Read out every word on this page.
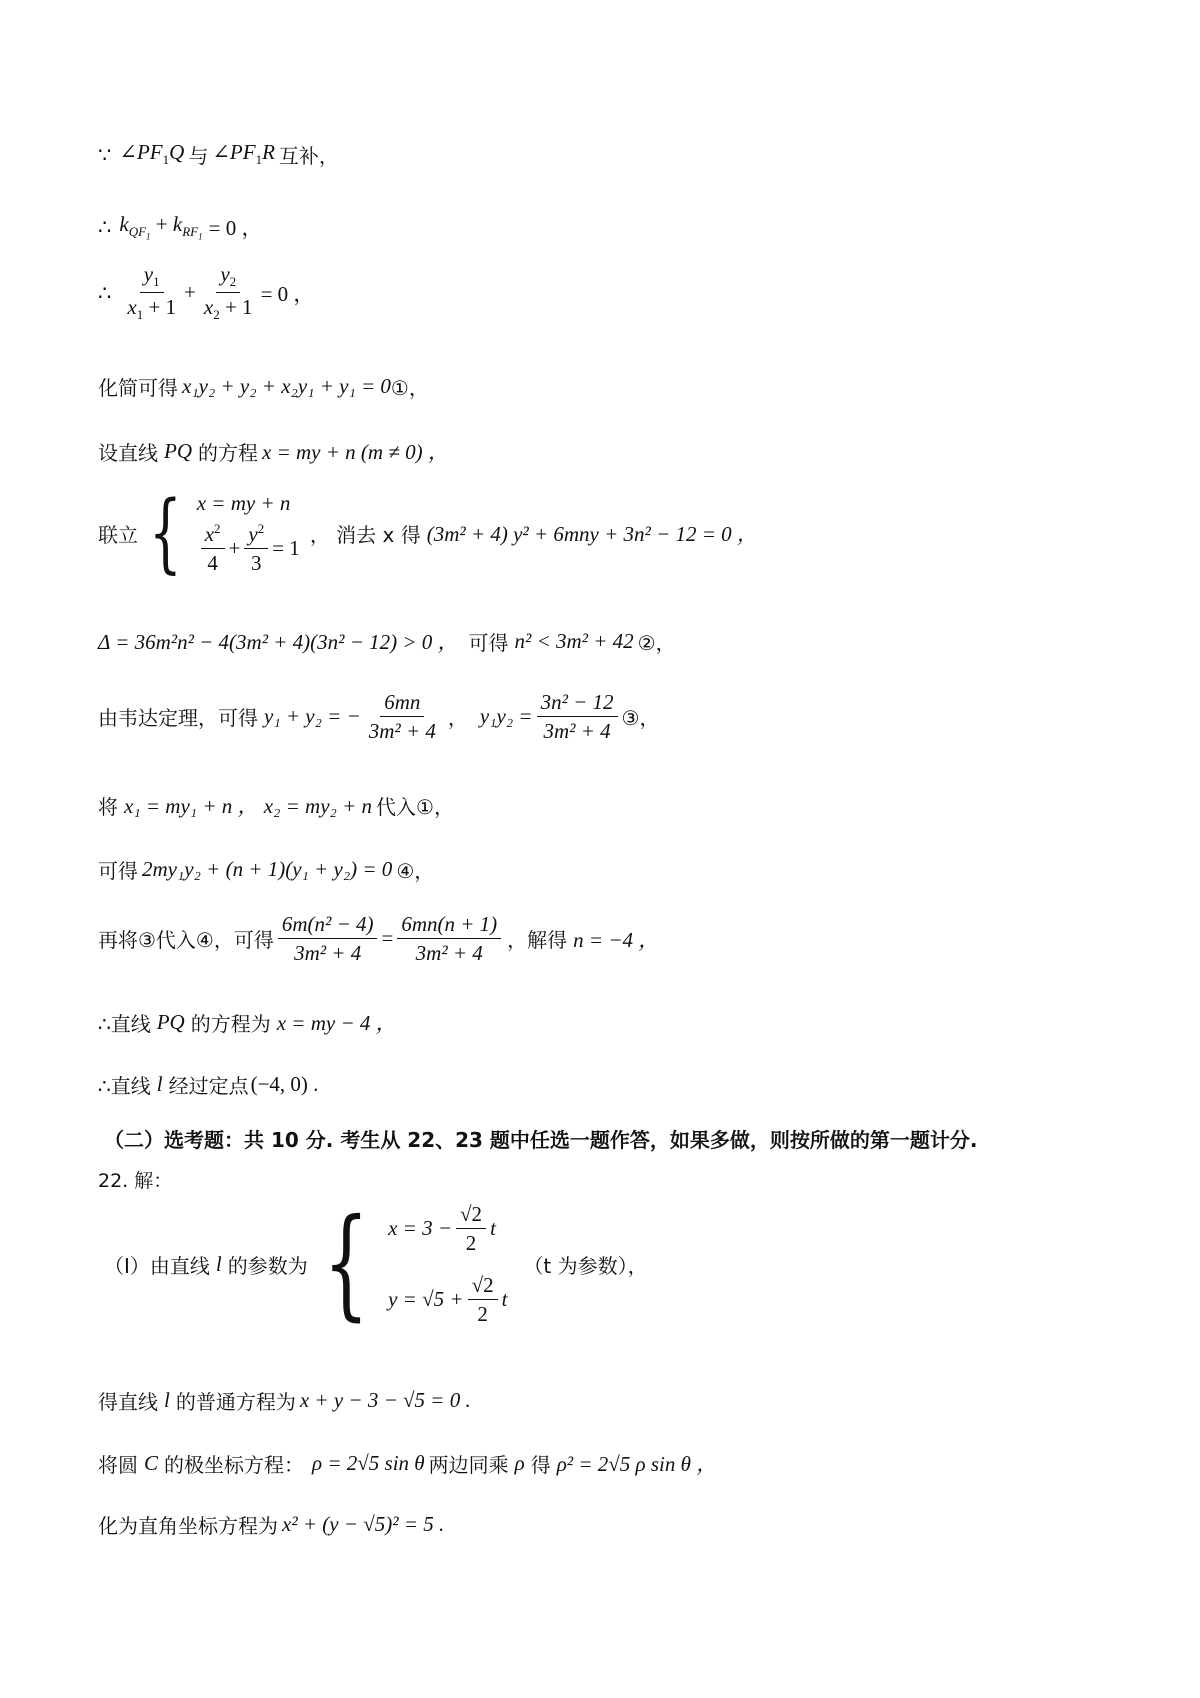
∵ $\angle PF_1Q$ 与 $\angle PF_1R$ 互补，
∴ $k_{QF_1} + k_{RF_1} = 0$ ，
∴ $\frac{y_1}{x_1 + 1} + \frac{y_2}{x_2 + 1} = 0$ ，
化简可得 x₁y₂ + y₂ + x₂y₁ + y₁ = 0 ①，
设直线 PQ 的方程 x = my + n (m ≠ 0) ，
联立 { x = my + n
$\frac{x^2}{4} + \frac{y^2}{3} = 1$
， 消去 x 得 (3m² + 4) y² + 6mny + 3n² − 12 = 0 ，
Δ = 36m²n² − 4(3m² + 4)(3n² − 12) > 0 ， 可得 n² < 3m² + 42 ②，
由韦达定理，可得 y₁ + y₂ = − $\frac{6mn}{\text{3m² + 4}}$ ， $y_1y_2 = \frac{\text{3n² − 12}}{\text{3m² + 4}}$ ③，
将 x₁ = my₁ + n ， x₂ = my₂ + n 代入①，
可得 2my₁y₂ + (n + 1)(y₁ + y₂) = 0 ④，
再将③代入④，可得 $\frac{\text{6m(n² − 4)}}{\text{3m² + 4}} = \frac{6mn(n + 1)}{\text{3m² + 4}}$ ，解得 n = −4 ，
∴直线 PQ 的方程为 x = my − 4 ，
∴直线 l 经过定点 (−4, 0) .
（二）选考题：共 10 分. 考生从 22、23 题中任选一题作答，如果多做，则按所做的第一题计分.
22. 解：
（Ⅰ）由直线 l 的参数为 { $x = 3 - \frac{√2}{2}$ t
$y = √5 + \frac{√2}{2}$ t
（t 为参数），
得直线 l 的普通方程为 x + y − 3 − √5 = 0 .
将圆 C 的极坐标方程： ρ = 2√5 sin θ 两边同乘 ρ 得 ρ² = 2√5 ρ sin θ ，
化为直角坐标方程为 x² + (y − √5)² = 5 .
